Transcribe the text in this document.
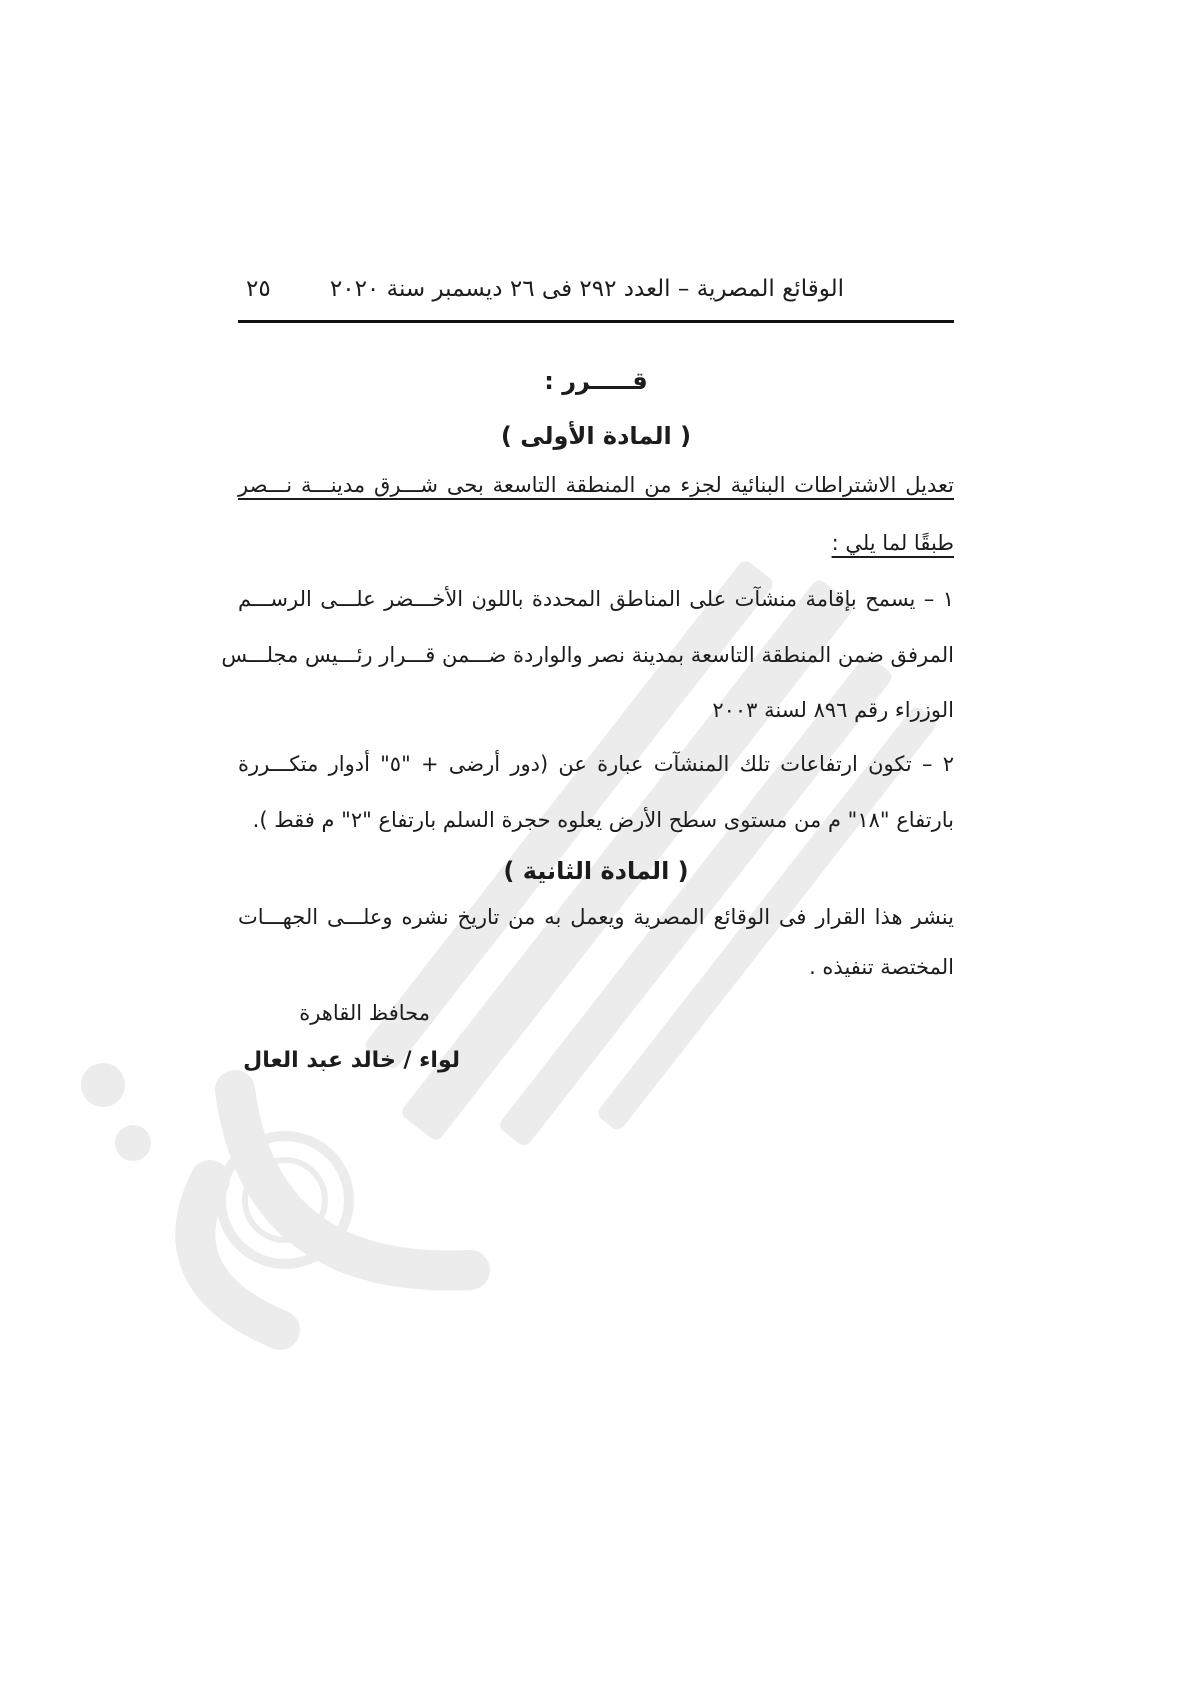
الوقائع المصرية – العدد ٢٩٢ فى ٢٦ ديسمبر سنة ٢٠٢٠
٢٥
قـــــرر :
( المادة الأولى )
تعديل الاشتراطات البنائية لجزء من المنطقة التاسعة بحى شـــرق مدينـــة نـــصر
طبقًا لما يلي :
١ – يسمح بإقامة منشآت على المناطق المحددة باللون الأخـــضر علـــى الرســـم
المرفق ضمن المنطقة التاسعة بمدينة نصر والواردة ضـــمن قـــرار رئـــيس مجلـــس
الوزراء رقم ٨٩٦ لسنة ٢٠٠٣
٢ – تكون ارتفاعات تلك المنشآت عبارة عن (دور أرضى + "٥" أدوار متكـــررة
بارتفاع "١٨" م من مستوى سطح الأرض يعلوه حجرة السلم بارتفاع "٢" م فقط ).
( المادة الثانية )
ينشر هذا القرار فى الوقائع المصرية ويعمل به من تاريخ نشره وعلـــى الجهـــات
المختصة تنفيذه .
محافظ القاهرة
لواء / خالد عبد العال
